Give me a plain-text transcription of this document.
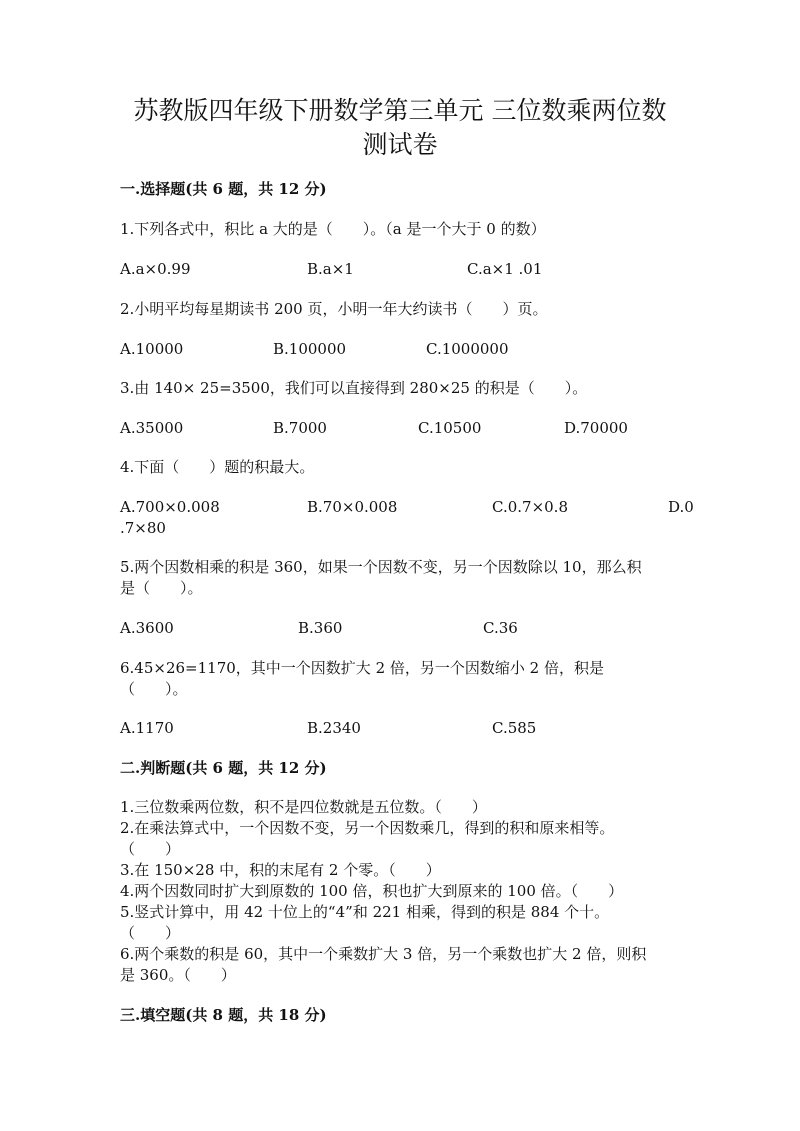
苏教版四年级下册数学第三单元 三位数乘两位数
测试卷
一.选择题(共 6 题，共 12 分)
1.下列各式中，积比 a 大的是（　　）。（a 是一个大于 0 的数）
A.a×0.99	B.a×1	C.a×1 .01
2.小明平均每星期读书 200 页，小明一年大约读书（　　）页。
A.10000	B.100000	C.1000000
3.由 140× 25=3500，我们可以直接得到 280×25 的积是（　　）。
A.35000	B.7000	C.10500	D.70000
4.下面（　　）题的积最大。
A.700×0.008	B.70×0.008	C.0.7×0.8	D.0
.7×80
5.两个因数相乘的积是 360，如果一个因数不变，另一个因数除以 10，那么积
是（　　）。
A.3600	B.360	C.36
6.45×26=1170，其中一个因数扩大 2 倍，另一个因数缩小 2 倍，积是
（　　）。
A.1170	B.2340	C.585
二.判断题(共 6 题，共 12 分)
1.三位数乘两位数，积不是四位数就是五位数。（　　）
2.在乘法算式中，一个因数不变，另一个因数乘几，得到的积和原来相等。
（　　）
3.在 150×28 中，积的末尾有 2 个零。（　　）
4.两个因数同时扩大到原数的 100 倍，积也扩大到原来的 100 倍。（　　）
5.竖式计算中，用 42 十位上的“4”和 221 相乘，得到的积是 884 个十。
（　　）
6.两个乘数的积是 60，其中一个乘数扩大 3 倍，另一个乘数也扩大 2 倍，则积
是 360。（　　）
三.填空题(共 8 题，共 18 分)
